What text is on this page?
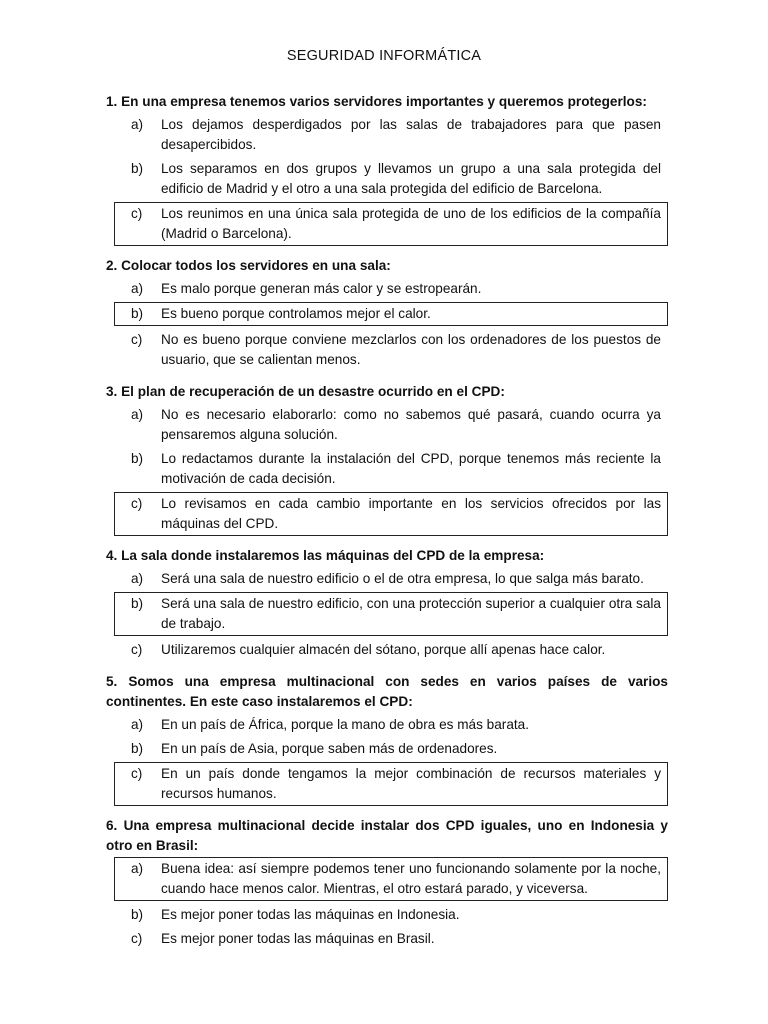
SEGURIDAD INFORMÁTICA
1. En una empresa tenemos varios servidores importantes y queremos protegerlos:
a) Los dejamos desperdigados por las salas de trabajadores para que pasen desapercibidos.
b) Los separamos en dos grupos y llevamos un grupo a una sala protegida del edificio de Madrid y el otro a una sala protegida del edificio de Barcelona.
c) Los reunimos en una única sala protegida de uno de los edificios de la compañía (Madrid o Barcelona).
2. Colocar todos los servidores en una sala:
a) Es malo porque generan más calor y se estropearán.
b) Es bueno porque controlamos mejor el calor.
c) No es bueno porque conviene mezclarlos con los ordenadores de los puestos de usuario, que se calientan menos.
3. El plan de recuperación de un desastre ocurrido en el CPD:
a) No es necesario elaborarlo: como no sabemos qué pasará, cuando ocurra ya pensaremos alguna solución.
b) Lo redactamos durante la instalación del CPD, porque tenemos más reciente la motivación de cada decisión.
c) Lo revisamos en cada cambio importante en los servicios ofrecidos por las máquinas del CPD.
4. La sala donde instalaremos las máquinas del CPD de la empresa:
a) Será una sala de nuestro edificio o el de otra empresa, lo que salga más barato.
b) Será una sala de nuestro edificio, con una protección superior a cualquier otra sala de trabajo.
c) Utilizaremos cualquier almacén del sótano, porque allí apenas hace calor.
5. Somos una empresa multinacional con sedes en varios países de varios continentes. En este caso instalaremos el CPD:
a) En un país de África, porque la mano de obra es más barata.
b) En un país de Asia, porque saben más de ordenadores.
c) En un país donde tengamos la mejor combinación de recursos materiales y recursos humanos.
6. Una empresa multinacional decide instalar dos CPD iguales, uno en Indonesia y otro en Brasil:
a) Buena idea: así siempre podemos tener uno funcionando solamente por la noche, cuando hace menos calor. Mientras, el otro estará parado, y viceversa.
b) Es mejor poner todas las máquinas en Indonesia.
c) Es mejor poner todas las máquinas en Brasil.
